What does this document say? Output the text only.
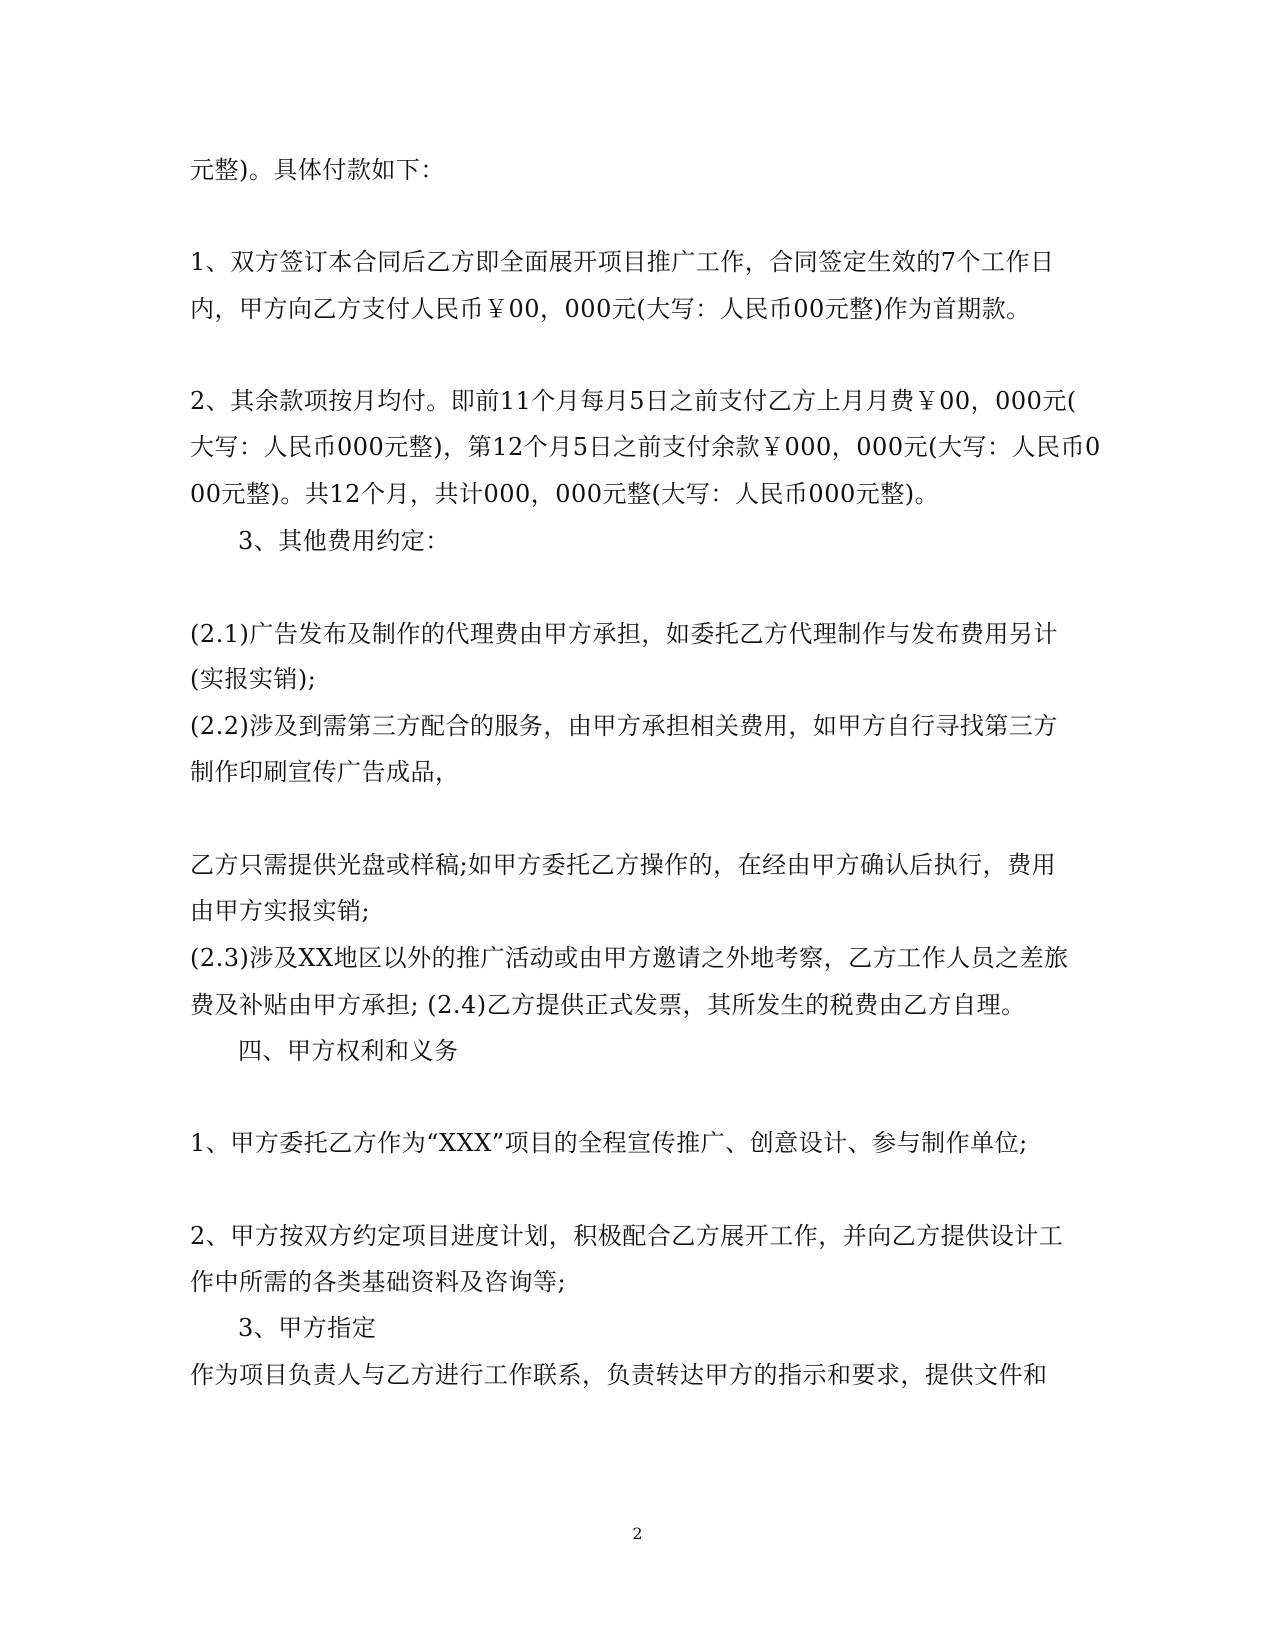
元整)。具体付款如下：
1、双方签订本合同后乙方即全面展开项目推广工作，合同签定生效的7个工作日
内，甲方向乙方支付人民币￥00，000元(大写：人民币00元整)作为首期款。
2、其余款项按月均付。即前11个月每月5日之前支付乙方上月月费￥00，000元(
大写：人民币000元整)，第12个月5日之前支付余款￥000，000元(大写：人民币0
00元整)。共12个月，共计000，000元整(大写：人民币000元整)。
3、其他费用约定：
(2.1)广告发布及制作的代理费由甲方承担，如委托乙方代理制作与发布费用另计
(实报实销);
(2.2)涉及到需第三方配合的服务，由甲方承担相关费用，如甲方自行寻找第三方
制作印刷宣传广告成品，
乙方只需提供光盘或样稿;如甲方委托乙方操作的，在经由甲方确认后执行，费用
由甲方实报实销;
(2.3)涉及XX地区以外的推广活动或由甲方邀请之外地考察，乙方工作人员之差旅
费及补贴由甲方承担; (2.4)乙方提供正式发票，其所发生的税费由乙方自理。
四、甲方权利和义务
1、甲方委托乙方作为“XXX”项目的全程宣传推广、创意设计、参与制作单位;
2、甲方按双方约定项目进度计划，积极配合乙方展开工作，并向乙方提供设计工
作中所需的各类基础资料及咨询等;
3、甲方指定
作为项目负责人与乙方进行工作联系，负责转达甲方的指示和要求，提供文件和
2
